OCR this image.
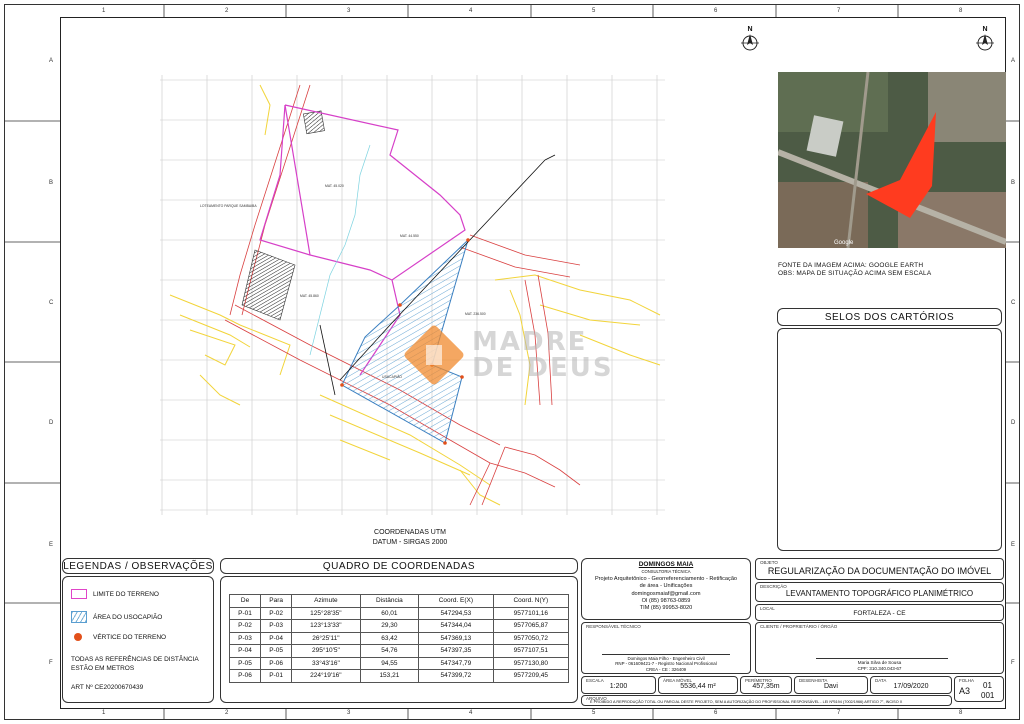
1	2	3	4	5	6	7	8
1	2	3	4	5	6	7	8
A
B
C
D
E
F
A
B
C
D
E
F
MAT. 45.020
MAT. 44.550
MAT. 45.860
MAT. 236.500
USUCAPIÃO
LOTEAMENTO PARQUE SAMBAIBA
MADRE
DE DEUS
COORDENADAS UTM
DATUM - SIRGAS 2000
N	N
Google
FONTE DA IMAGEM ACIMA: GOOGLE EARTH
OBS: MAPA DE SITUAÇÃO ACIMA SEM ESCALA
SELOS DOS CARTÓRIOS
LEGENDAS / OBSERVAÇÕES
LIMITE DO TERRENO
ÁREA DO USOCAPIÃO
VÉRTICE DO TERRENO
TODAS AS REFERÊNCIAS DE DISTÂNCIA
ESTÃO EM METROS
ART Nº CE20200670439
QUADRO DE COORDENADAS
De	Para	Azimute	Distância	Coord. E(X)	Coord. N(Y)
P-01	P-02	125°28'35"	60,01	547294,53	9577101,16
P-02	P-03	123°13'33"	29,30	547344,04	9577065,87
P-03	P-04	26°25'11"	63,42	547369,13	9577050,72
P-04	P-05	295°10'5"	54,76	547397,35	9577107,51
P-05	P-06	33°43'16"	94,55	547347,79	9577130,80
P-06	P-01	224°19'16"	153,21	547399,72	9577209,45
DOMINGOS MAIA
CONSULTORIA TÉCNICA
Projeto Arquitetônico - Georreferenciamento - Retificação
de área - Unificações
domingosmaiaf@gmail.com
OI (85) 98763-0859
TIM (85) 99953-8020
OBJETO
REGULARIZAÇÃO DA DOCUMENTAÇÃO DO IMÓVEL
DESCRIÇÃO
LEVANTAMENTO TOPOGRÁFICO PLANIMÉTRICO
LOCAL
FORTALEZA - CE
RESPONSÁVEL TÉCNICO
Domingos Maia Filho - Engenheiro Civil
RNP - 061609421-7 - Registro Nacional Profissional
CREA - CE : 326409
CLIENTE / PROPRIETÁRIO / ÓRGÃO
Maria Silva de Sousa
CPF: 310.340.043-67
ESCALA
1:200
ÁREA MÓVEL
5536,44 m²
PERÍMETRO
457,35m
DESENHISTA
Davi
DATA
17/09/2020
FOLHA
A3
01
001
ARQUIVO
É PROIBIDO A REPRODUÇÃO TOTAL OU PARCIAL DESTE PROJETO, SEM A AUTORIZAÇÃO DO PROFISSIONAL RESPONSÁVEL - LEI Nº5194 (7002/1966) ARTIGO 7°, INCISO X
